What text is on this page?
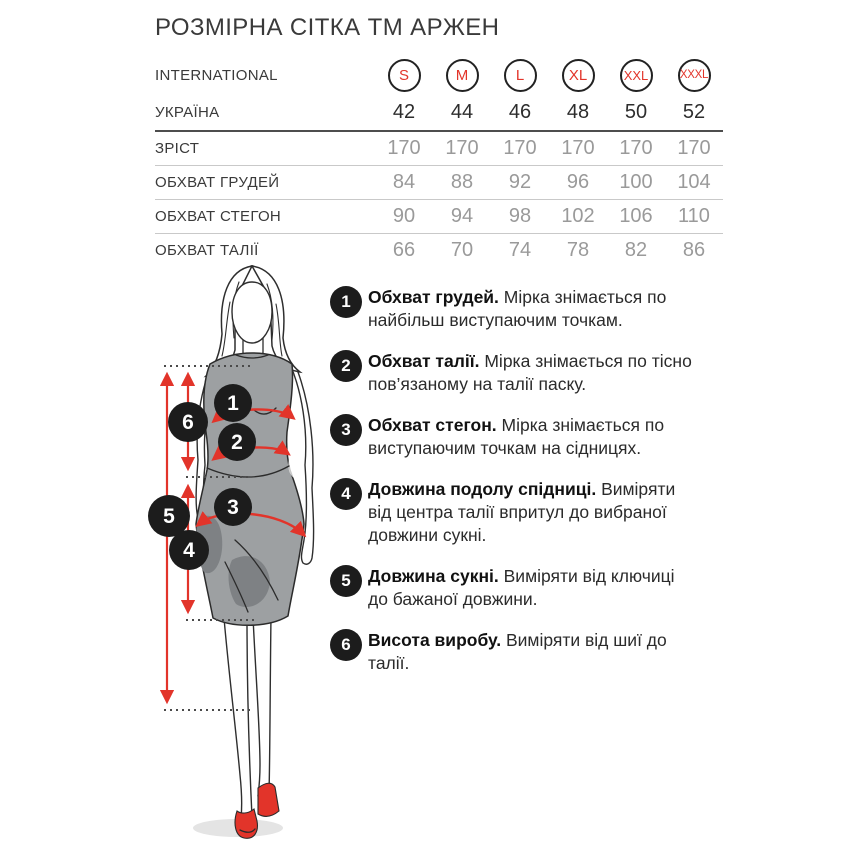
РОЗМІРНА СІТКА ТМ АРЖЕН
INTERNATIONAL	S	M	L	XL	XXL	XXXL
УКРАЇНА	42	44	46	48	50	52
ЗРІСТ	170	170	170	170	170	170
ОБХВАТ ГРУДЕЙ	84	88	92	96	100	104
ОБХВАТ СТЕГОН	90	94	98	102	106	110
ОБХВАТ ТАЛІЇ	66	70	74	78	82	86
1
2
3
4
5
6
1 Обхват грудей. Мірка знімається по найбільш виступаючим точкам.

2 Обхват талії. Мірка знімається по тісно пов’язаному на талії паску.

3 Обхват стегон. Мірка знімається по виступаючим точкам на сідницях.

4 Довжина подолу спідниці. Виміряти від центра талії впритул до вибраної довжини сукні.

5 Довжина сукні. Виміряти від ключиці до бажаної довжини.

6 Висота виробу. Виміряти від шиї до талії.
